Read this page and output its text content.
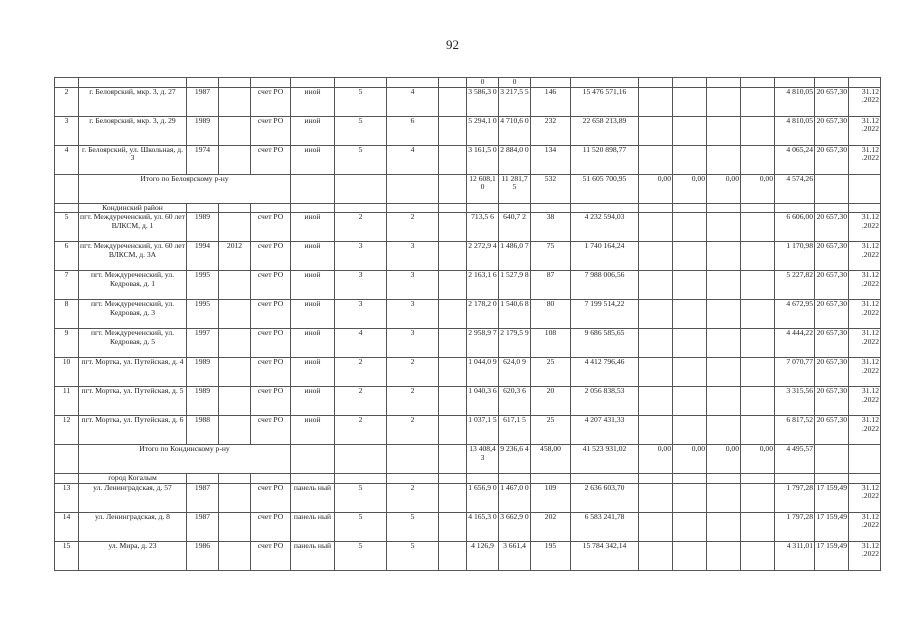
92
									0	0									
2	г. Белоярский, мкр. 3, д. 27	1987		счет РО	иной	5	4		3 586,3 0	3 217,5 5	146	15 476 571,16					4 810,05	20 657,30	31.12 .2022
3	г. Белоярский, мкр. 3, д. 29	1989		счет РО	иной	5	6		5 294,1 0	4 710,6 0	232	22 658 213,89					4 810,05	20 657,30	31.12 .2022
4	г. Белоярский, ул. Школьная, д. 3	1974		счет РО	иной	5	4		3 161,5 0	2 884,0 0	134	11 520 898,77					4 065,24	20 657,30	31.12 .2022
	Итого по Белоярскому р-ну								12 608,1 0	11 281,7 5	532	51 605 700,95	0,00	0,00	0,00	0,00	4 574,26		
	Кондинский район																		
5	пгт. Междуреченский, ул. 60 лет ВЛКСМ, д. 1	1989		счет РО	иной	2	2		713,5 6	640,7 2	38	4 232 594,03					6 606,00	20 657,30	31.12 .2022
6	пгт. Междуреченский, ул. 60 лет ВЛКСМ, д. 3А	1994	2012	счет РО	иной	3	3		2 272,9 4	1 486,0 7	75	1 740 164,24					1 170,98	20 657,30	31.12 .2022
7	пгт. Междуреченский, ул. Кедровая, д. 1	1995		счет РО	иной	3	3		2 163,1 6	1 527,9 8	87	7 988 006,56					5 227,82	20 657,30	31.12 .2022
8	пгт. Междуреченский, ул. Кедровая, д. 3	1995		счет РО	иной	3	3		2 178,2 0	1 540,6 8	80	7 199 514,22					4 672,95	20 657,30	31.12 .2022
9	пгт. Междуреченский, ул. Кедровая, д. 5	1997		счет РО	иной	4	3		2 958,9 7	2 179,5 9	108	9 686 585,65					4 444,22	20 657,30	31.12 .2022
10	пгт. Мортка, ул. Путейская, д. 4	1989		счет РО	иной	2	2		1 044,0 9	624,0 9	25	4 412 796,46					7 070,77	20 657,30	31.12 .2022
11	пгт. Мортка, ул. Путейская, д. 5	1989		счет РО	иной	2	2		1 040,3 6	620,3 6	20	2 056 838,53					3 315,56	20 657,30	31.12 .2022
12	пгт. Мортка, ул. Путейская, д. 6	1988		счет РО	иной	2	2		1 037,1 5	617,1 5	25	4 207 431,33					6 817,52	20 657,30	31.12 .2022
	Итого по Кондинскому р-ну								13 408,4 3	9 236,6 4	458,00	41 523 931,02	0,00	0,00	0,00	0,00	4 495,57		
	город Когалым																		
13	ул. Ленинградская, д. 57	1987		счет РО	панель ный	5	2		1 656,9 0	1 467,0 0	109	2 636 603,70					1 797,28	17 159,49	31.12 .2022
14	ул. Ленинградская, д. 8	1987		счет РО	панель ный	5	5		4 165,3 0	3 662,9 0	202	6 583 241,78					1 797,28	17 159,49	31.12 .2022
15	ул. Мира, д. 23	1986		счет РО	панель ный	5	5		4 126,9	3 661,4	195	15 784 342,14					4 311,01	17 159,49	31.12 .2022
